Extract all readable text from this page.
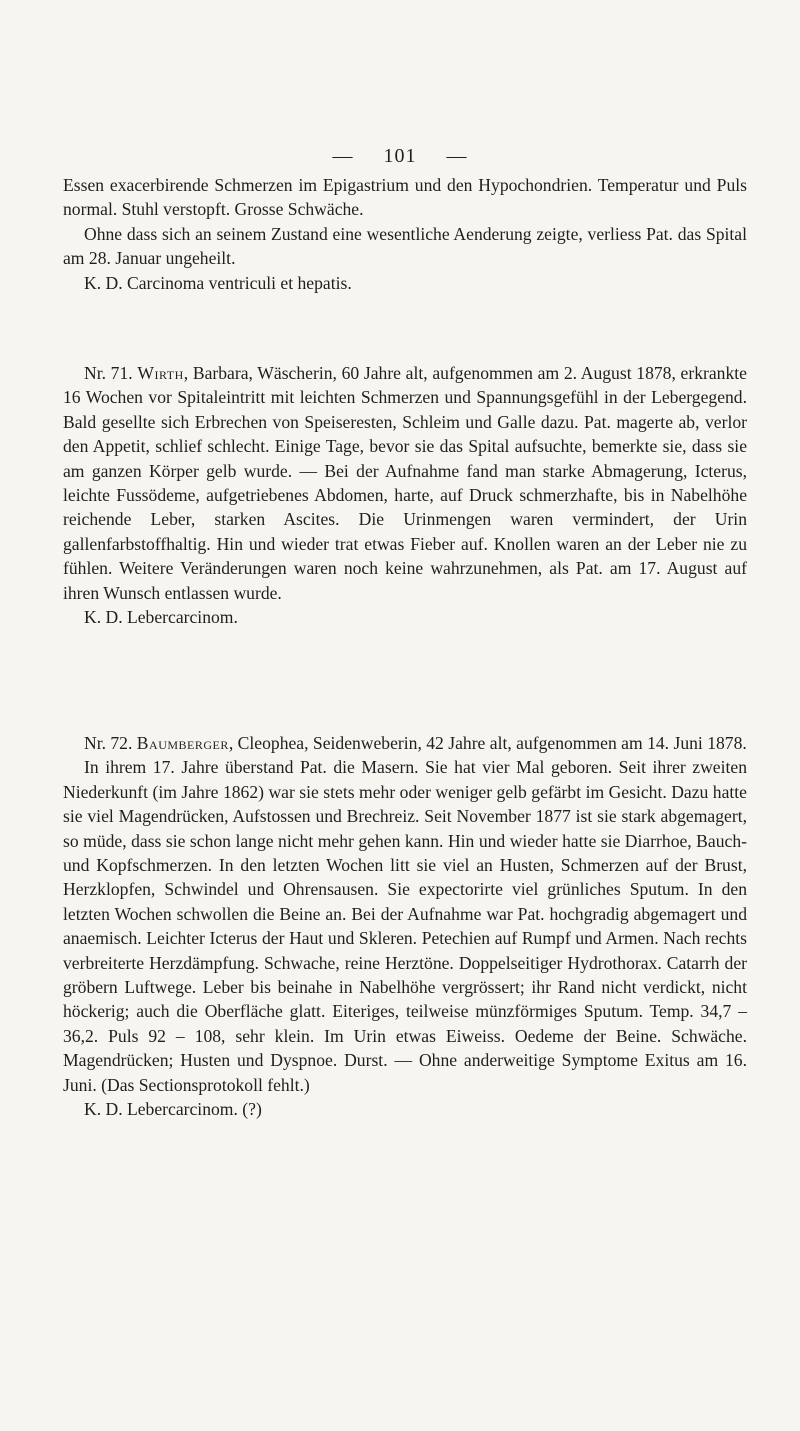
— 101 —

Essen exacerbirende Schmerzen im Epigastrium und den Hypochondrien. Temperatur und Puls normal. Stuhl verstopft. Grosse Schwäche.

Ohne dass sich an seinem Zustand eine wesentliche Aenderung zeigte, verliess Pat. das Spital am 28. Januar ungeheilt.

K. D. Carcinoma ventriculi et hepatis.

Nr. 71. Wirth, Barbara, Wäscherin, 60 Jahre alt, aufgenommen am 2. August 1878, erkrankte 16 Wochen vor Spitaleintritt mit leichten Schmerzen und Spannungsgefühl in der Lebergegend. Bald gesellte sich Erbrechen von Speiseresten, Schleim und Galle dazu. Pat. magerte ab, verlor den Appetit, schlief schlecht. Einige Tage, bevor sie das Spital aufsuchte, bemerkte sie, dass sie am ganzen Körper gelb wurde. — Bei der Aufnahme fand man starke Abmagerung, Icterus, leichte Fussödeme, aufgetriebenes Abdomen, harte, auf Druck schmerzhafte, bis in Nabelhöhe reichende Leber, starken Ascites. Die Urinmengen waren vermindert, der Urin gallenfarbstoffhaltig. Hin und wieder trat etwas Fieber auf. Knollen waren an der Leber nie zu fühlen. Weitere Veränderungen waren noch keine wahrzunehmen, als Pat. am 17. August auf ihren Wunsch entlassen wurde.

K. D. Lebercarcinom.

Nr. 72. Baumberger, Cleophea, Seidenweberin, 42 Jahre alt, aufgenommen am 14. Juni 1878.

In ihrem 17. Jahre überstand Pat. die Masern. Sie hat vier Mal geboren. Seit ihrer zweiten Niederkunft (im Jahre 1862) war sie stets mehr oder weniger gelb gefärbt im Gesicht. Dazu hatte sie viel Magendrücken, Aufstossen und Brechreiz. Seit November 1877 ist sie stark abgemagert, so müde, dass sie schon lange nicht mehr gehen kann. Hin und wieder hatte sie Diarrhoe, Bauch- und Kopfschmerzen. In den letzten Wochen litt sie viel an Husten, Schmerzen auf der Brust, Herzklopfen, Schwindel und Ohrensausen. Sie expectorirte viel grünliches Sputum. In den letzten Wochen schwollen die Beine an. Bei der Aufnahme war Pat. hochgradig abgemagert und anaemisch. Leichter Icterus der Haut und Skleren. Petechien auf Rumpf und Armen. Nach rechts verbreiterte Herzdämpfung. Schwache, reine Herztöne. Doppelseitiger Hydrothorax. Catarrh der gröbern Luftwege. Leber bis beinahe in Nabelhöhe vergrössert; ihr Rand nicht verdickt, nicht höckerig; auch die Oberfläche glatt. Eiteriges, teilweise münzförmiges Sputum. Temp. 34,7 – 36,2. Puls 92 – 108, sehr klein. Im Urin etwas Eiweiss. Oedeme der Beine. Schwäche. Magendrücken; Husten und Dyspnoe. Durst. — Ohne anderweitige Symptome Exitus am 16. Juni. (Das Sectionsprotokoll fehlt.)

K. D. Lebercarcinom. (?)
